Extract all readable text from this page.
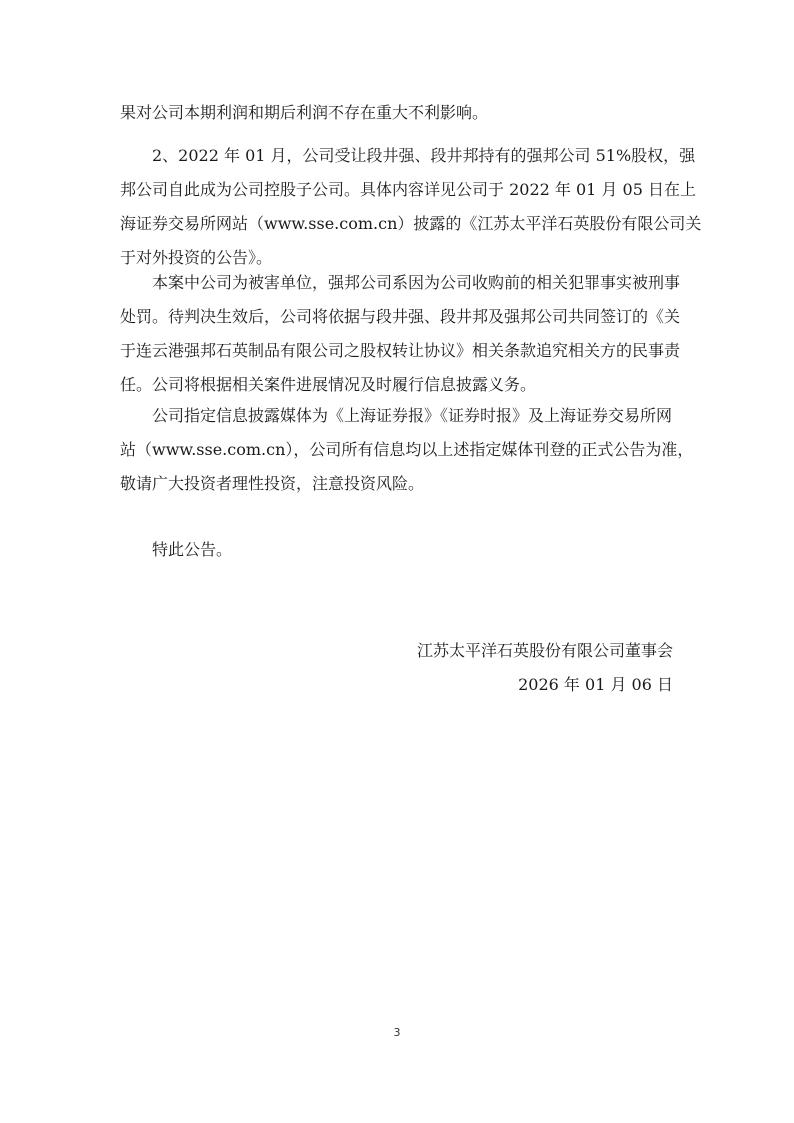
果对公司本期利润和期后利润不存在重大不利影响。
　　2、2022 年 01 月，公司受让段井强、段井邦持有的强邦公司 51%股权，强
邦公司自此成为公司控股子公司。具体内容详见公司于 2022 年 01 月 05 日在上
海证券交易所网站（www.sse.com.cn）披露的《江苏太平洋石英股份有限公司关
于对外投资的公告》。
　　本案中公司为被害单位，强邦公司系因为公司收购前的相关犯罪事实被刑事
处罚。待判决生效后，公司将依据与段井强、段井邦及强邦公司共同签订的《关
于连云港强邦石英制品有限公司之股权转让协议》相关条款追究相关方的民事责
任。公司将根据相关案件进展情况及时履行信息披露义务。
　　公司指定信息披露媒体为《上海证券报》《证券时报》及上海证券交易所网
站（www.sse.com.cn），公司所有信息均以上述指定媒体刊登的正式公告为准，
敬请广大投资者理性投资，注意投资风险。
　　特此公告。
江苏太平洋石英股份有限公司董事会
2026 年 01 月 06 日
3
